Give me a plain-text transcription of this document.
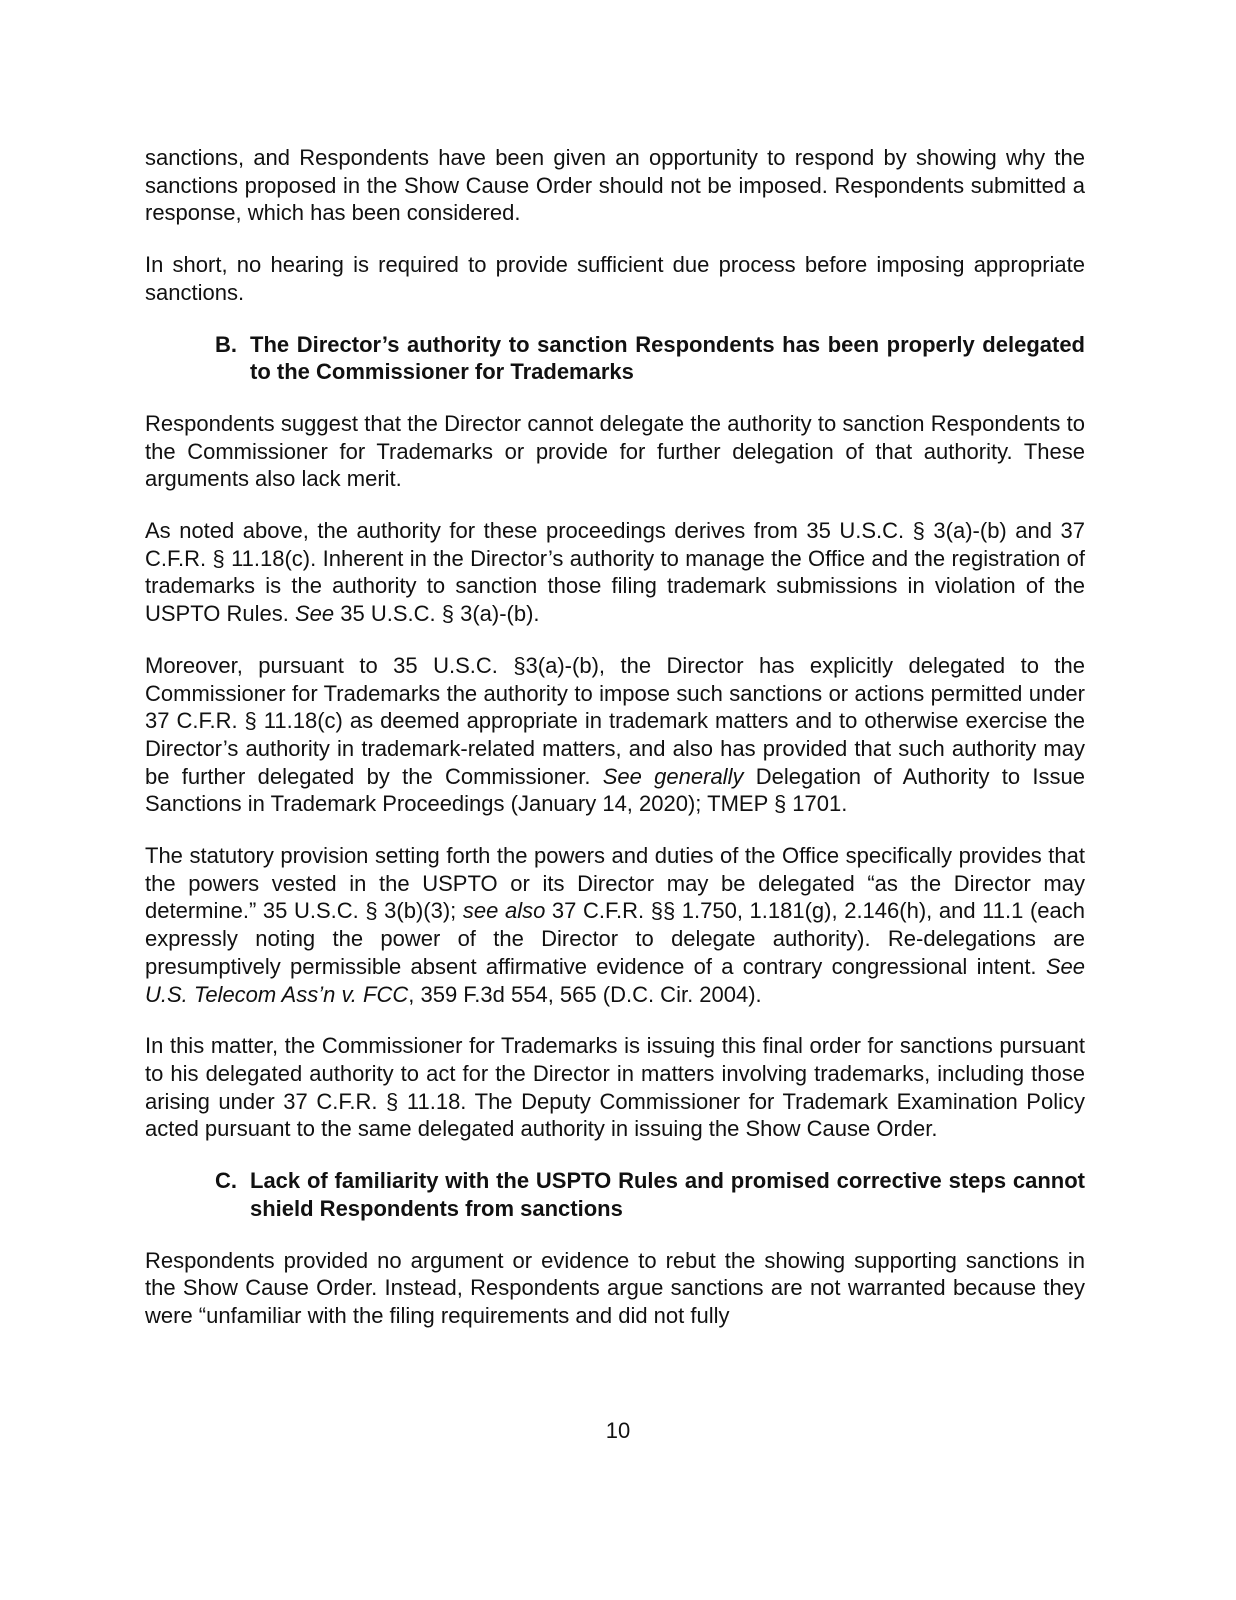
sanctions, and Respondents have been given an opportunity to respond by showing why the sanctions proposed in the Show Cause Order should not be imposed. Respondents submitted a response, which has been considered.

In short, no hearing is required to provide sufficient due process before imposing appropriate sanctions.

B. The Director’s authority to sanction Respondents has been properly delegated to the Commissioner for Trademarks

Respondents suggest that the Director cannot delegate the authority to sanction Respondents to the Commissioner for Trademarks or provide for further delegation of that authority. These arguments also lack merit.

As noted above, the authority for these proceedings derives from 35 U.S.C. § 3(a)-(b) and 37 C.F.R. § 11.18(c). Inherent in the Director’s authority to manage the Office and the registration of trademarks is the authority to sanction those filing trademark submissions in violation of the USPTO Rules. See 35 U.S.C. § 3(a)-(b).

Moreover, pursuant to 35 U.S.C. §3(a)-(b), the Director has explicitly delegated to the Commissioner for Trademarks the authority to impose such sanctions or actions permitted under 37 C.F.R. § 11.18(c) as deemed appropriate in trademark matters and to otherwise exercise the Director’s authority in trademark-related matters, and also has provided that such authority may be further delegated by the Commissioner. See generally Delegation of Authority to Issue Sanctions in Trademark Proceedings (January 14, 2020); TMEP § 1701.

The statutory provision setting forth the powers and duties of the Office specifically provides that the powers vested in the USPTO or its Director may be delegated “as the Director may determine.” 35 U.S.C. § 3(b)(3); see also 37 C.F.R. §§ 1.750, 1.181(g), 2.146(h), and 11.1 (each expressly noting the power of the Director to delegate authority). Re-delegations are presumptively permissible absent affirmative evidence of a contrary congressional intent. See U.S. Telecom Ass’n v. FCC, 359 F.3d 554, 565 (D.C. Cir. 2004).

In this matter, the Commissioner for Trademarks is issuing this final order for sanctions pursuant to his delegated authority to act for the Director in matters involving trademarks, including those arising under 37 C.F.R. § 11.18. The Deputy Commissioner for Trademark Examination Policy acted pursuant to the same delegated authority in issuing the Show Cause Order.

C. Lack of familiarity with the USPTO Rules and promised corrective steps cannot shield Respondents from sanctions

Respondents provided no argument or evidence to rebut the showing supporting sanctions in the Show Cause Order. Instead, Respondents argue sanctions are not warranted because they were “unfamiliar with the filing requirements and did not fully

10
